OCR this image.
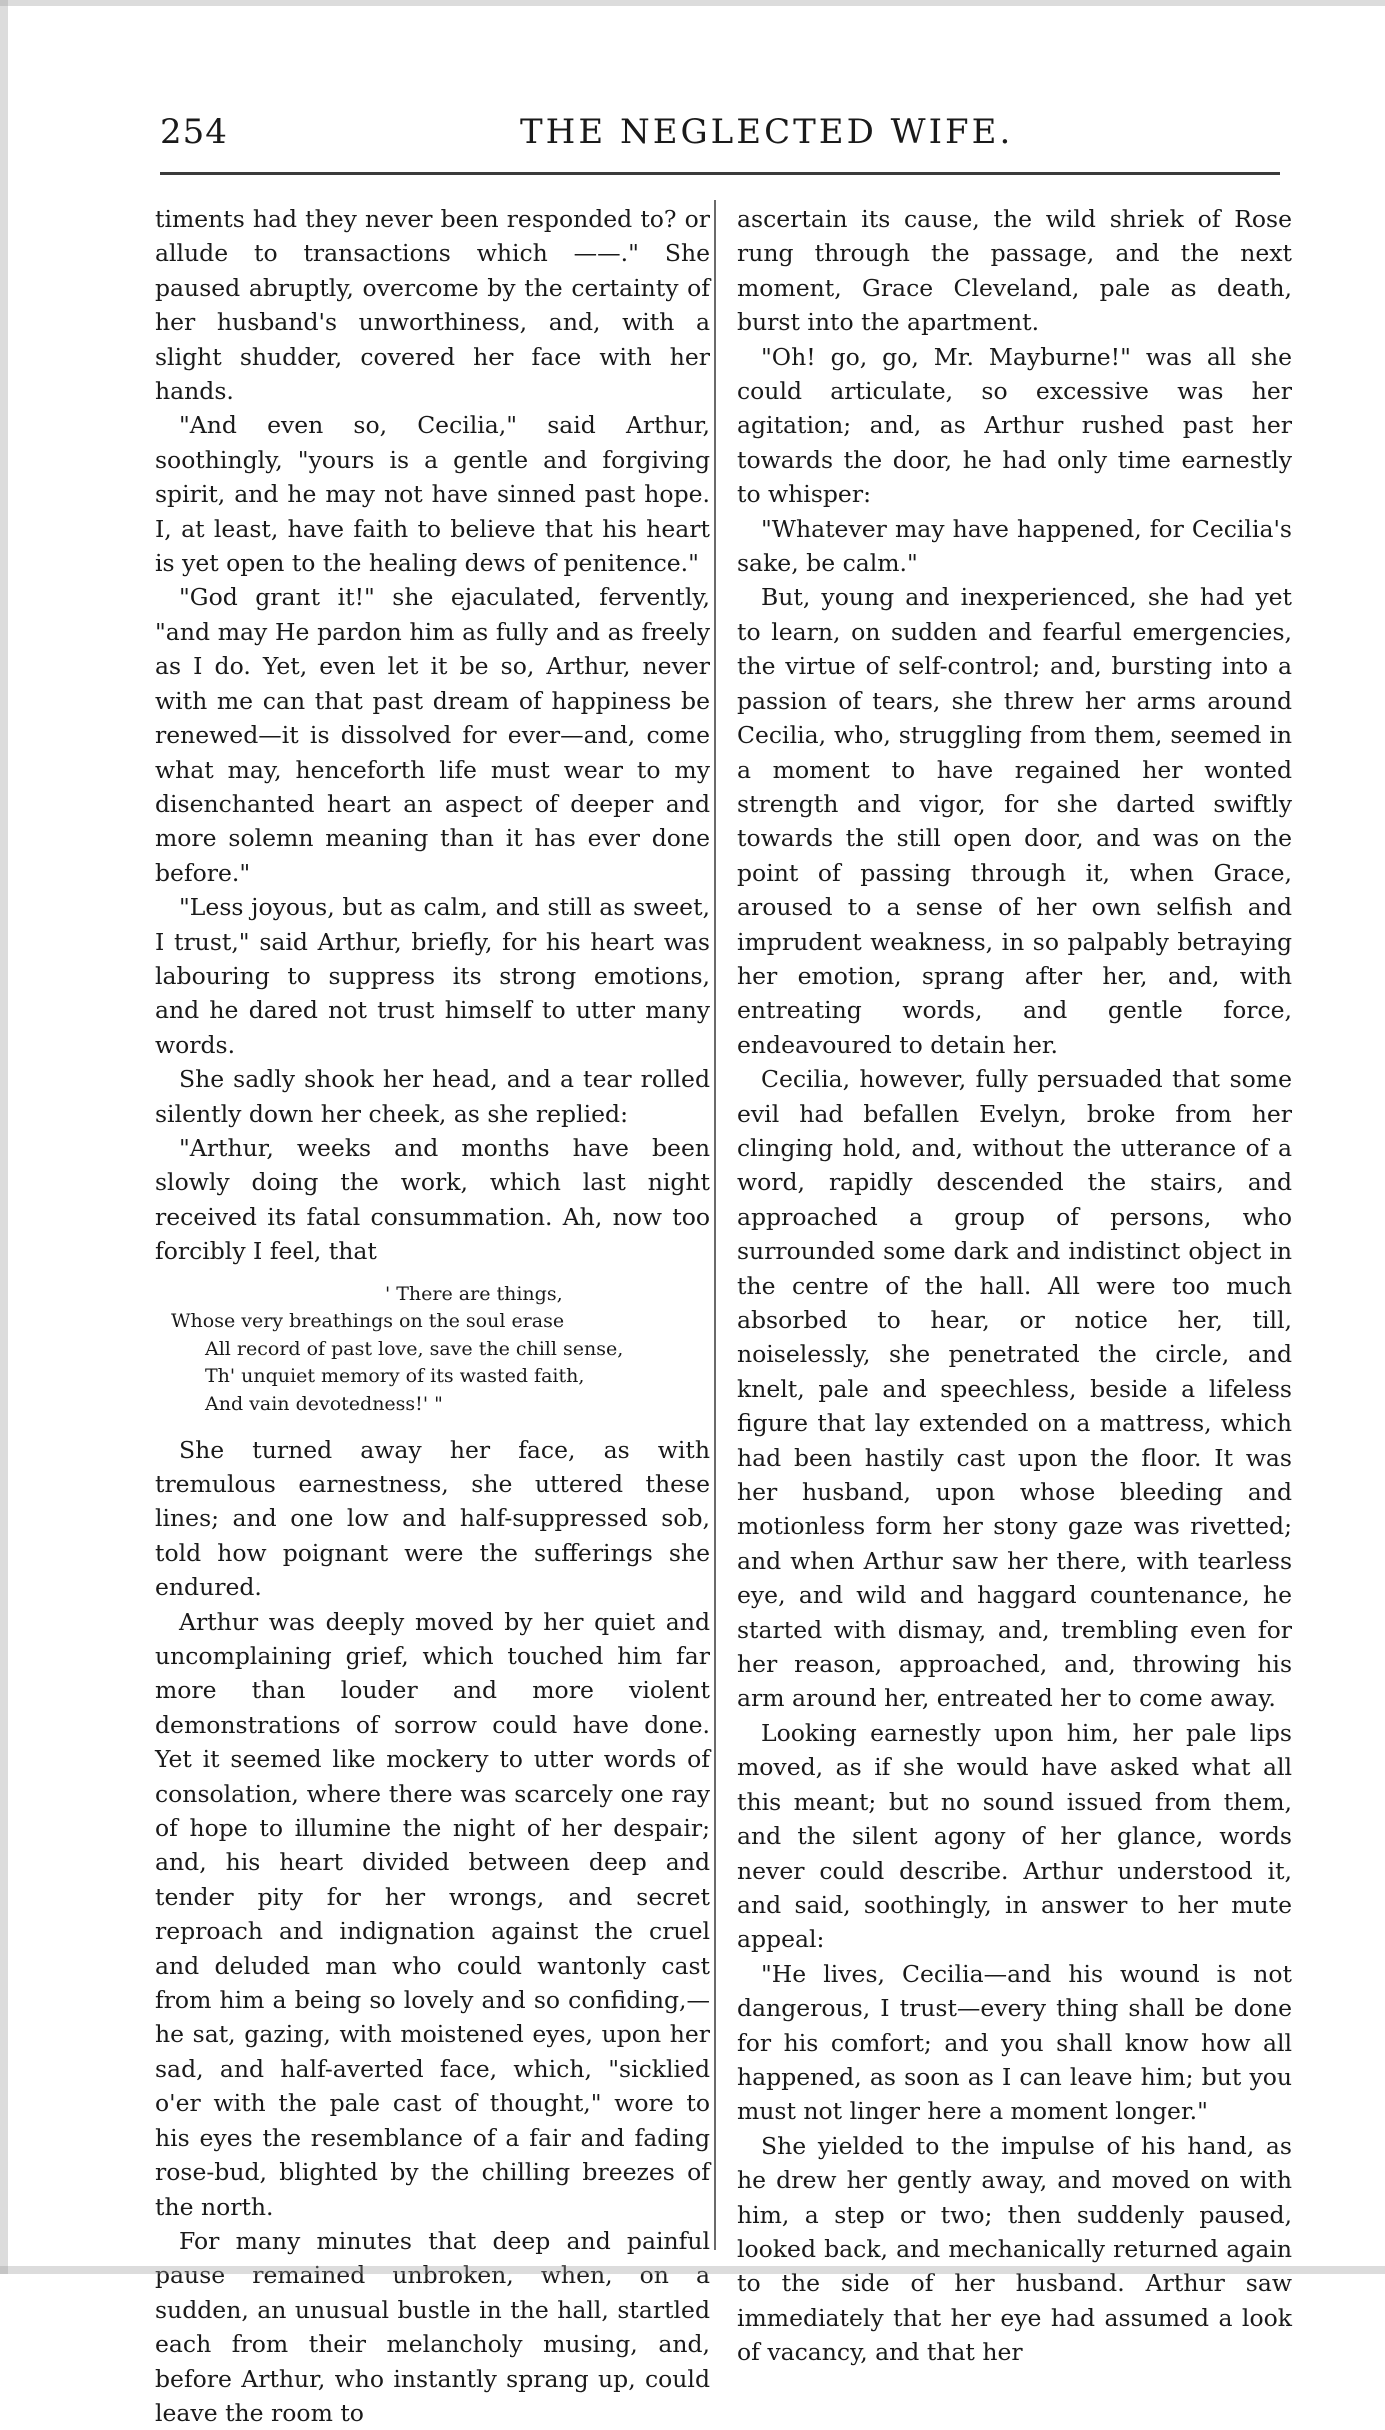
254	THE NEGLECTED WIFE.

timents had they never been responded to? or allude to transactions which ——." She paused abruptly, overcome by the certainty of her husband's unworthiness, and, with a slight shudder, covered her face with her hands.

"And even so, Cecilia," said Arthur, soothingly, "yours is a gentle and forgiving spirit, and he may not have sinned past hope. I, at least, have faith to believe that his heart is yet open to the healing dews of penitence."

"God grant it!" she ejaculated, fervently, "and may He pardon him as fully and as freely as I do. Yet, even let it be so, Arthur, never with me can that past dream of happiness be renewed—it is dissolved for ever—and, come what may, henceforth life must wear to my disenchanted heart an aspect of deeper and more solemn meaning than it has ever done before."

"Less joyous, but as calm, and still as sweet, I trust," said Arthur, briefly, for his heart was labouring to suppress its strong emotions, and he dared not trust himself to utter many words.

She sadly shook her head, and a tear rolled silently down her cheek, as she replied:

"Arthur, weeks and months have been slowly doing the work, which last night received its fatal consummation. Ah, now too forcibly I feel, that

' There are things,
Whose very breathings on the soul erase
All record of past love, save the chill sense,
Th' unquiet memory of its wasted faith,
And vain devotedness!' "

She turned away her face, as with tremulous earnestness, she uttered these lines; and one low and half-suppressed sob, told how poignant were the sufferings she endured.

Arthur was deeply moved by her quiet and uncomplaining grief, which touched him far more than louder and more violent demonstrations of sorrow could have done. Yet it seemed like mockery to utter words of consolation, where there was scarcely one ray of hope to illumine the night of her despair; and, his heart divided between deep and tender pity for her wrongs, and secret reproach and indignation against the cruel and deluded man who could wantonly cast from him a being so lovely and so confiding,—he sat, gazing, with moistened eyes, upon her sad, and half-averted face, which, "sicklied o'er with the pale cast of thought," wore to his eyes the resemblance of a fair and fading rose-bud, blighted by the chilling breezes of the north.

For many minutes that deep and painful pause remained unbroken, when, on a sudden, an unusual bustle in the hall, startled each from their melancholy musing, and, before Arthur, who instantly sprang up, could leave the room to

ascertain its cause, the wild shriek of Rose rung through the passage, and the next moment, Grace Cleveland, pale as death, burst into the apartment.

"Oh! go, go, Mr. Mayburne!" was all she could articulate, so excessive was her agitation; and, as Arthur rushed past her towards the door, he had only time earnestly to whisper:

"Whatever may have happened, for Cecilia's sake, be calm."

But, young and inexperienced, she had yet to learn, on sudden and fearful emergencies, the virtue of self-control; and, bursting into a passion of tears, she threw her arms around Cecilia, who, struggling from them, seemed in a moment to have regained her wonted strength and vigor, for she darted swiftly towards the still open door, and was on the point of passing through it, when Grace, aroused to a sense of her own selfish and imprudent weakness, in so palpably betraying her emotion, sprang after her, and, with entreating words, and gentle force, endeavoured to detain her.

Cecilia, however, fully persuaded that some evil had befallen Evelyn, broke from her clinging hold, and, without the utterance of a word, rapidly descended the stairs, and approached a group of persons, who surrounded some dark and indistinct object in the centre of the hall. All were too much absorbed to hear, or notice her, till, noiselessly, she penetrated the circle, and knelt, pale and speechless, beside a lifeless figure that lay extended on a mattress, which had been hastily cast upon the floor. It was her husband, upon whose bleeding and motionless form her stony gaze was rivetted; and when Arthur saw her there, with tearless eye, and wild and haggard countenance, he started with dismay, and, trembling even for her reason, approached, and, throwing his arm around her, entreated her to come away.

Looking earnestly upon him, her pale lips moved, as if she would have asked what all this meant; but no sound issued from them, and the silent agony of her glance, words never could describe. Arthur understood it, and said, soothingly, in answer to her mute appeal:

"He lives, Cecilia—and his wound is not dangerous, I trust—every thing shall be done for his comfort; and you shall know how all happened, as soon as I can leave him; but you must not linger here a moment longer."

She yielded to the impulse of his hand, as he drew her gently away, and moved on with him, a step or two; then suddenly paused, looked back, and mechanically returned again to the side of her husband. Arthur saw immediately that her eye had assumed a look of vacancy, and that her
